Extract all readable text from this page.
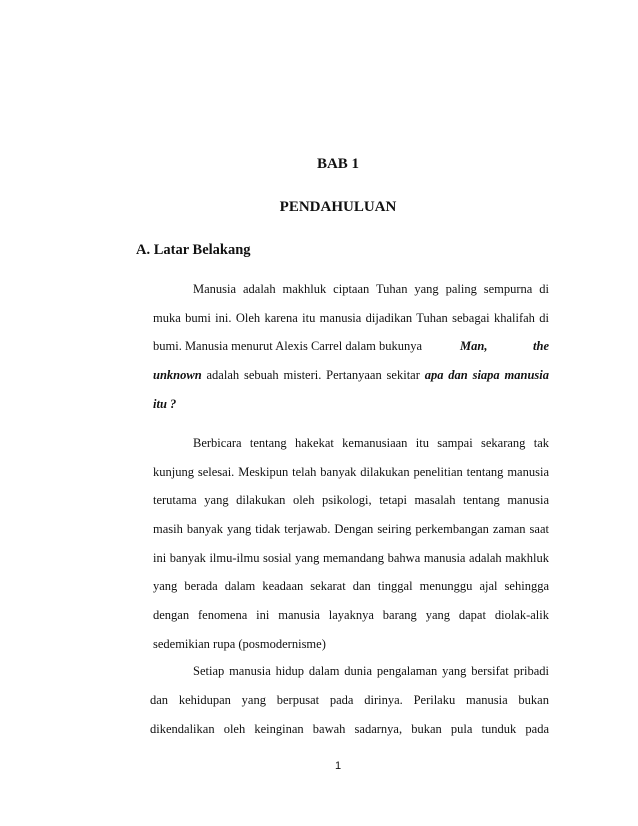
BAB 1
PENDAHULUAN
A. Latar Belakang
Manusia adalah makhluk ciptaan Tuhan yang paling sempurna di
muka bumi ini. Oleh karena itu manusia dijadikan Tuhan sebagai khalifah di
bumi. Manusia menurut Alexis Carrel dalam bukunya	Man, the
unknown adalah sebuah misteri. Pertanyaan sekitar apa dan siapa manusia
itu ?
Berbicara tentang hakekat kemanusiaan itu sampai sekarang tak
kunjung selesai. Meskipun telah banyak dilakukan penelitian tentang manusia
terutama yang dilakukan oleh psikologi, tetapi masalah tentang manusia
masih banyak yang tidak terjawab. Dengan seiring perkembangan zaman saat
ini banyak ilmu-ilmu sosial yang memandang bahwa manusia adalah makhluk
yang berada dalam keadaan sekarat dan tinggal menunggu ajal sehingga
dengan fenomena ini manusia layaknya barang yang dapat diolak-alik
sedemikian rupa (posmodernisme)
Setiap manusia hidup dalam dunia pengalaman yang bersifat pribadi
dan kehidupan yang berpusat pada dirinya. Perilaku manusia bukan
dikendalikan oleh keinginan bawah sadarnya, bukan pula tunduk pada
1
